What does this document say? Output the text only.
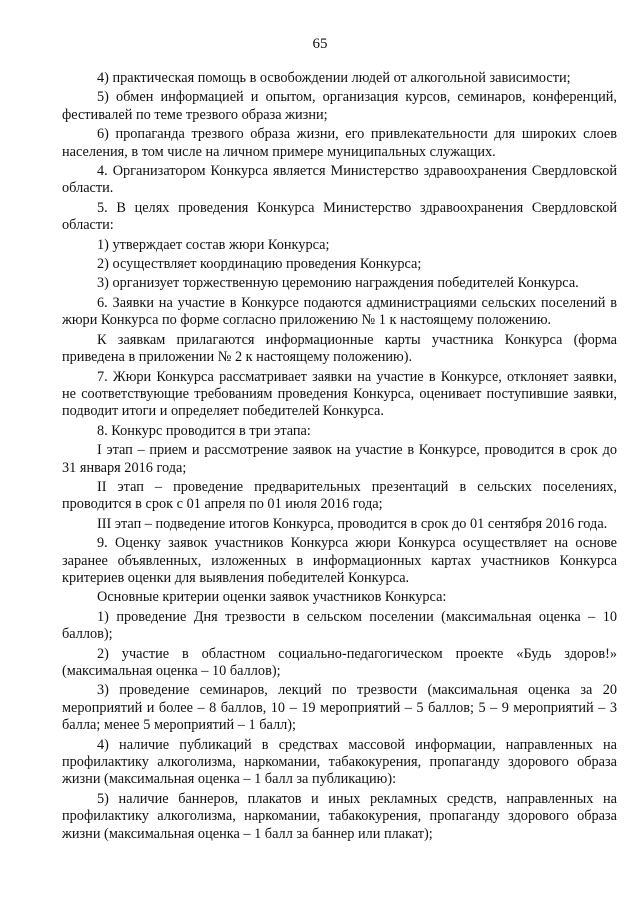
65

4) практическая помощь в освобождении людей от алкогольной зависимости;

5) обмен информацией и опытом, организация курсов, семинаров, конференций, фестивалей по теме трезвого образа жизни;

6) пропаганда трезвого образа жизни, его привлекательности для широких слоев населения, в том числе на личном примере муниципальных служащих.

4. Организатором Конкурса является Министерство здравоохранения Свердловской области.

5. В целях проведения Конкурса Министерство здравоохранения Свердловской области:

1) утверждает состав жюри Конкурса;

2) осуществляет координацию проведения Конкурса;

3) организует торжественную церемонию награждения победителей Конкурса.

6. Заявки на участие в Конкурсе подаются администрациями сельских поселений в жюри Конкурса по форме согласно приложению № 1 к настоящему положению.

К заявкам прилагаются информационные карты участника Конкурса (форма приведена в приложении № 2 к настоящему положению).

7. Жюри Конкурса рассматривает заявки на участие в Конкурсе, отклоняет заявки, не соответствующие требованиям проведения Конкурса, оценивает поступившие заявки, подводит итоги и определяет победителей Конкурса.

8. Конкурс проводится в три этапа:

I этап – прием и рассмотрение заявок на участие в Конкурсе, проводится в срок до 31 января 2016 года;

II этап – проведение предварительных презентаций в сельских поселениях, проводится в срок с 01 апреля по 01 июля 2016 года;

III этап – подведение итогов Конкурса, проводится в срок до 01 сентября 2016 года.

9. Оценку заявок участников Конкурса жюри Конкурса осуществляет на основе заранее объявленных, изложенных в информационных картах участников Конкурса критериев оценки для выявления победителей Конкурса.

Основные критерии оценки заявок участников Конкурса:

1) проведение Дня трезвости в сельском поселении (максимальная оценка – 10 баллов);

2) участие в областном социально-педагогическом проекте «Будь здоров!» (максимальная оценка – 10 баллов);

3) проведение семинаров, лекций по трезвости (максимальная оценка за 20 мероприятий и более – 8 баллов, 10 – 19 мероприятий – 5 баллов; 5 – 9 мероприятий – 3 балла; менее 5 мероприятий – 1 балл);

4) наличие публикаций в средствах массовой информации, направленных на профилактику алкоголизма, наркомании, табакокурения, пропаганду здорового образа жизни (максимальная оценка – 1 балл за публикацию):

5) наличие баннеров, плакатов и иных рекламных средств, направленных на профилактику алкоголизма, наркомании, табакокурения, пропаганду здорового образа жизни (максимальная оценка – 1 балл за баннер или плакат);
